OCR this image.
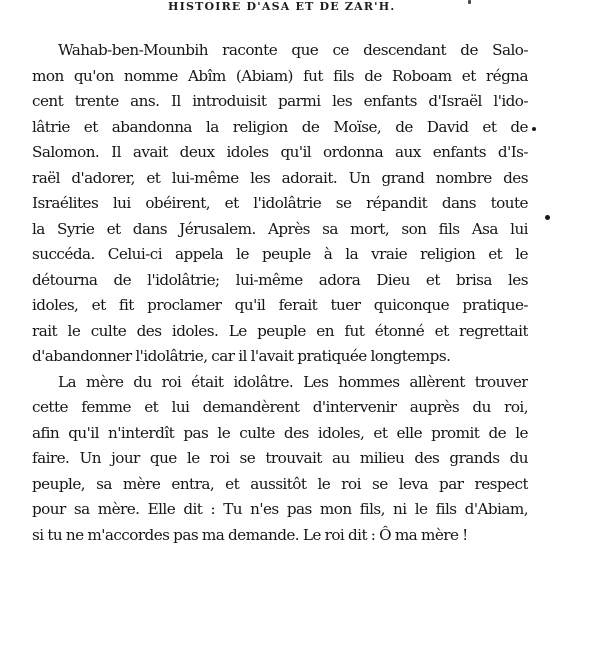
HISTOIRE D'ASA ET DE ZAR'H.
Wahab-ben-Mounbih raconte que ce descendant de Salo-
mon qu'on nomme Abîm (Abiam) fut fils de Roboam et régna
cent trente ans. Il introduisit parmi les enfants d'Israël l'ido-
lâtrie et abandonna la religion de Moïse, de David et de
Salomon. Il avait deux idoles qu'il ordonna aux enfants d'Is-
raël d'adorer, et lui-même les adorait. Un grand nombre des
Israélites lui obéirent, et l'idolâtrie se répandit dans toute
la Syrie et dans Jérusalem. Après sa mort, son fils Asa lui
succéda. Celui-ci appela le peuple à la vraie religion et le
détourna de l'idolâtrie; lui-même adora Dieu et brisa les
idoles, et fit proclamer qu'il ferait tuer quiconque pratique-
rait le culte des idoles. Le peuple en fut étonné et regrettait
d'abandonner l'idolâtrie, car il l'avait pratiquée longtemps.
La mère du roi était idolâtre. Les hommes allèrent trouver
cette femme et lui demandèrent d'intervenir auprès du roi,
afin qu'il n'interdît pas le culte des idoles, et elle promit de le
faire. Un jour que le roi se trouvait au milieu des grands du
peuple, sa mère entra, et aussitôt le roi se leva par respect
pour sa mère. Elle dit : Tu n'es pas mon fils, ni le fils d'Abiam,
si tu ne m'accordes pas ma demande. Le roi dit : Ô ma mère !
